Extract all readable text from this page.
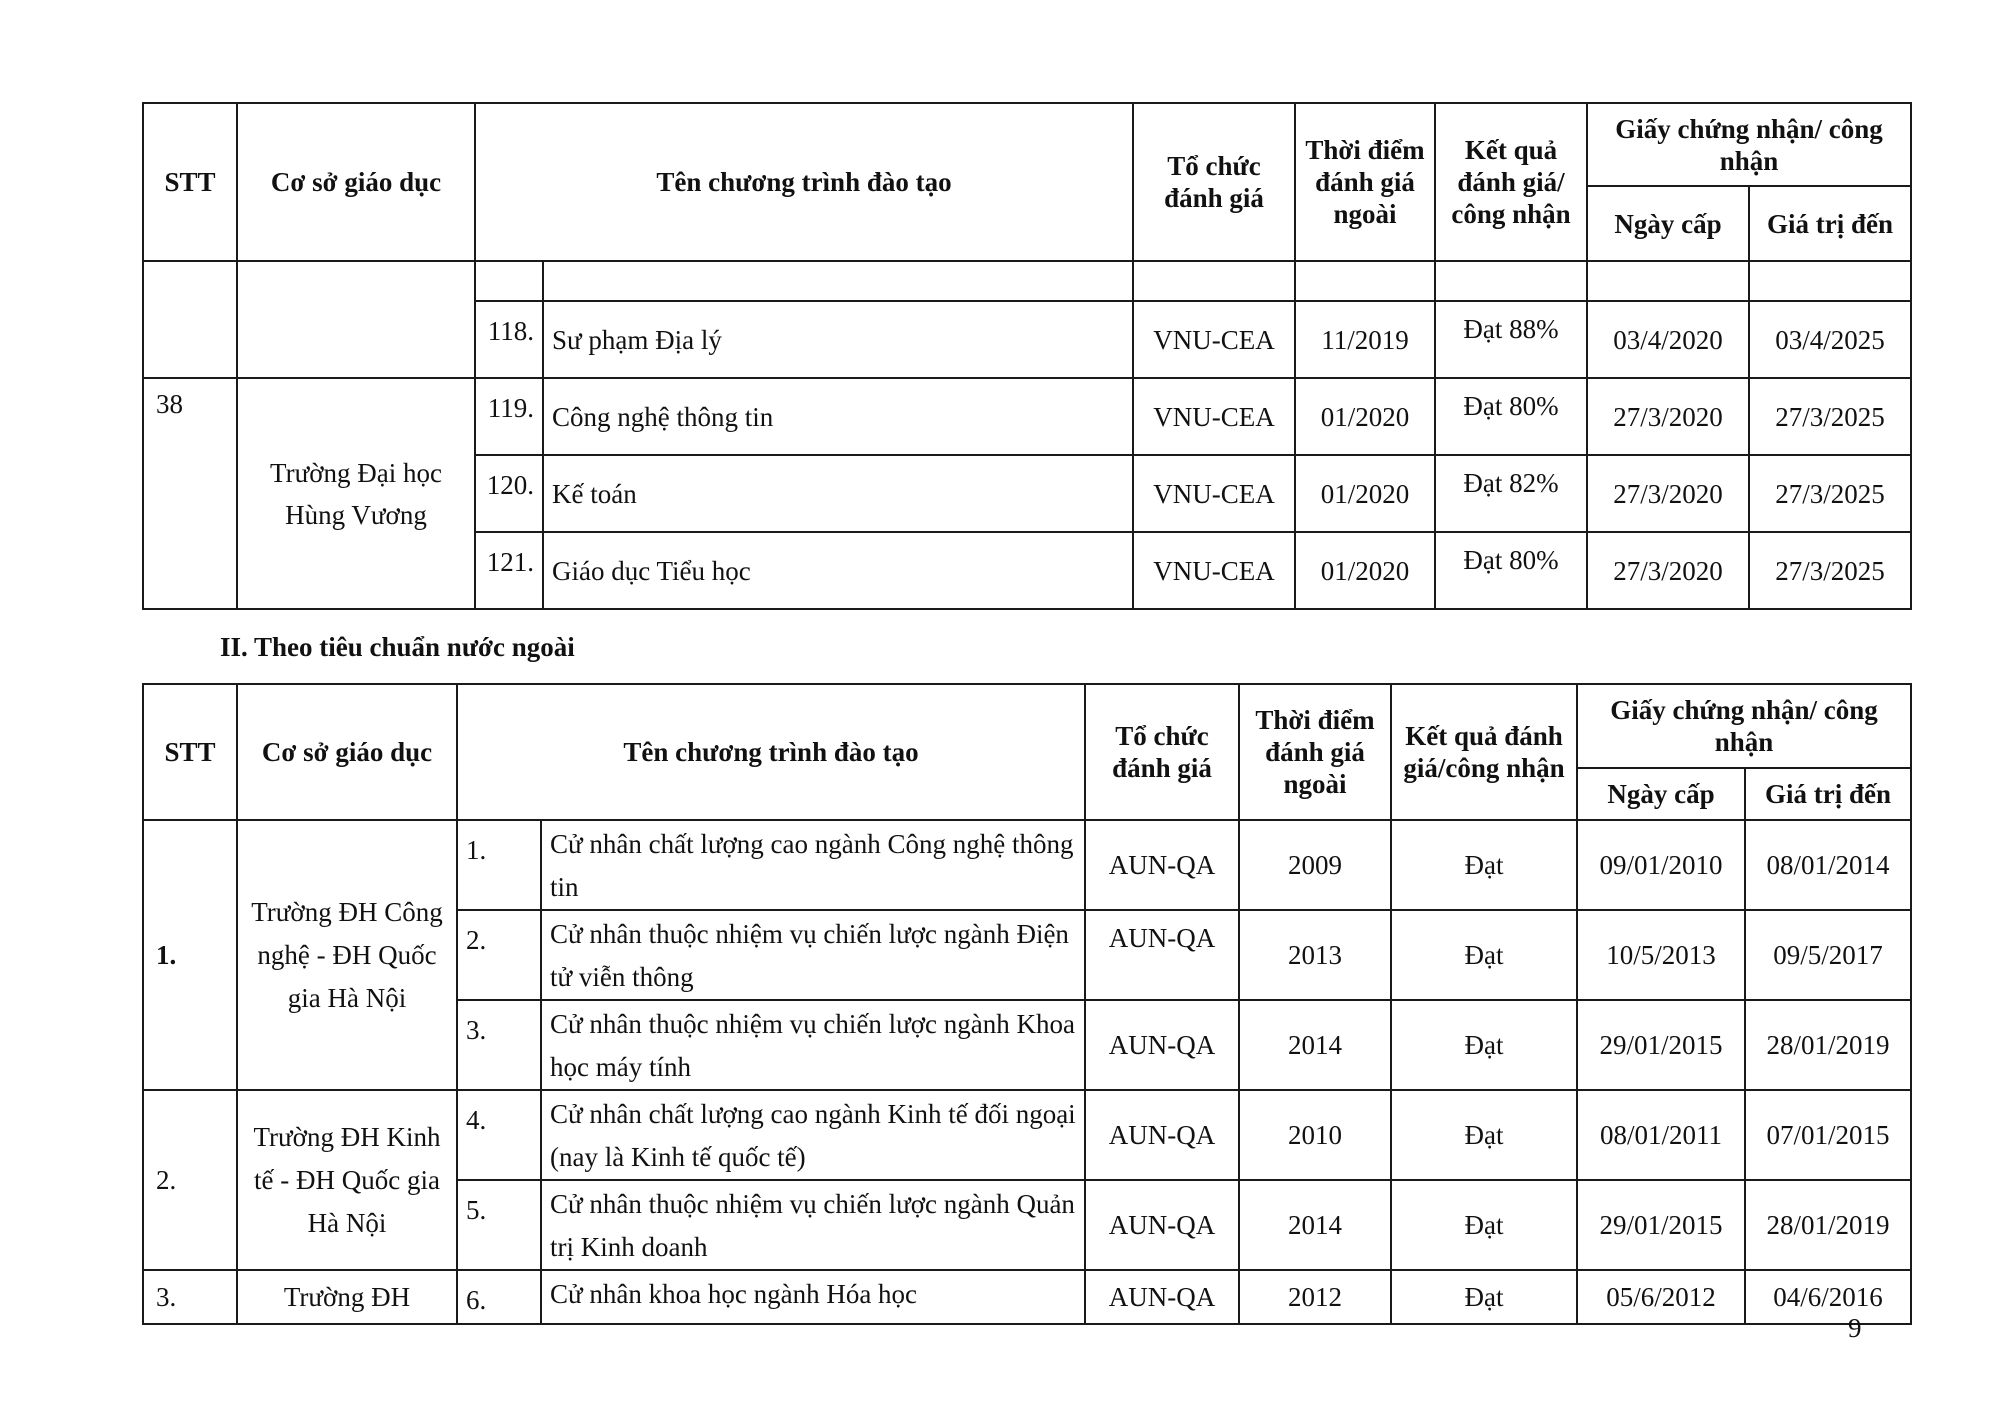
STT	Cơ sở giáo dục	Tên chương trình đào tạo		Tổ chức đánh giá	Thời điểm đánh giá ngoài	Kết quả đánh giá/ công nhận	Giấy chứng nhận/ công nhận	
							Ngày cấp	Giá trị đến

		118.	Sư phạm Địa lý	VNU-CEA	11/2019	Đạt 88%	03/4/2020	03/4/2025
38	Trường Đại học Hùng Vương	119.	Công nghệ thông tin	VNU-CEA	01/2020	Đạt 80%	27/3/2020	27/3/2025
		120.	Kế toán	VNU-CEA	01/2020	Đạt 82%	27/3/2020	27/3/2025
		121.	Giáo dục Tiểu học	VNU-CEA	01/2020	Đạt 80%	27/3/2020	27/3/2025

II. Theo tiêu chuẩn nước ngoài

STT	Cơ sở giáo dục	Tên chương trình đào tạo		Tổ chức đánh giá	Thời điểm đánh giá ngoài	Kết quả đánh giá/công nhận	Giấy chứng nhận/ công nhận	
							Ngày cấp	Giá trị đến
1.	Trường ĐH Công nghệ - ĐH Quốc gia Hà Nội	1.	Cử nhân chất lượng cao ngành Công nghệ thông tin	AUN-QA	2009	Đạt	09/01/2010	08/01/2014
		2.	Cử nhân thuộc nhiệm vụ chiến lược ngành Điện tử viễn thông	AUN-QA	2013	Đạt	10/5/2013	09/5/2017
		3.	Cử nhân thuộc nhiệm vụ chiến lược ngành Khoa học máy tính	AUN-QA	2014	Đạt	29/01/2015	28/01/2019
2.	Trường ĐH Kinh tế - ĐH Quốc gia Hà Nội	4.	Cử nhân chất lượng cao ngành Kinh tế đối ngoại (nay là Kinh tế quốc tế)	AUN-QA	2010	Đạt	08/01/2011	07/01/2015
		5.	Cử nhân thuộc nhiệm vụ chiến lược ngành Quản trị Kinh doanh	AUN-QA	2014	Đạt	29/01/2015	28/01/2019
3.	Trường ĐH	6.	Cử nhân khoa học ngành Hóa học	AUN-QA	2012	Đạt	05/6/2012	04/6/2016

9
